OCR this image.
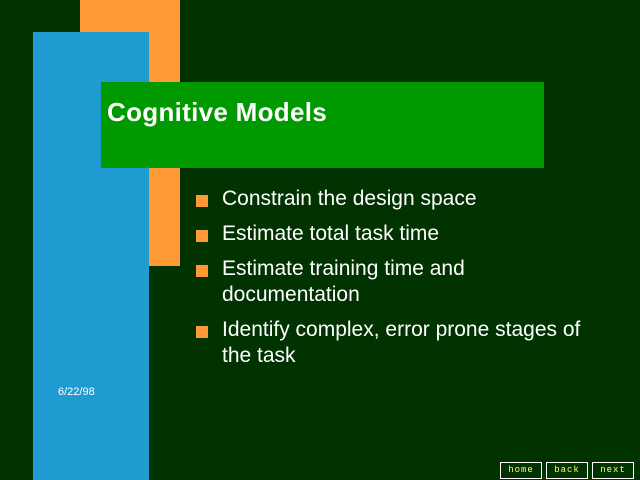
Cognitive Models
Constrain the design space
Estimate total task time
Estimate training time and documentation
Identify complex, error prone stages of the task
6/22/98
home	back	next
